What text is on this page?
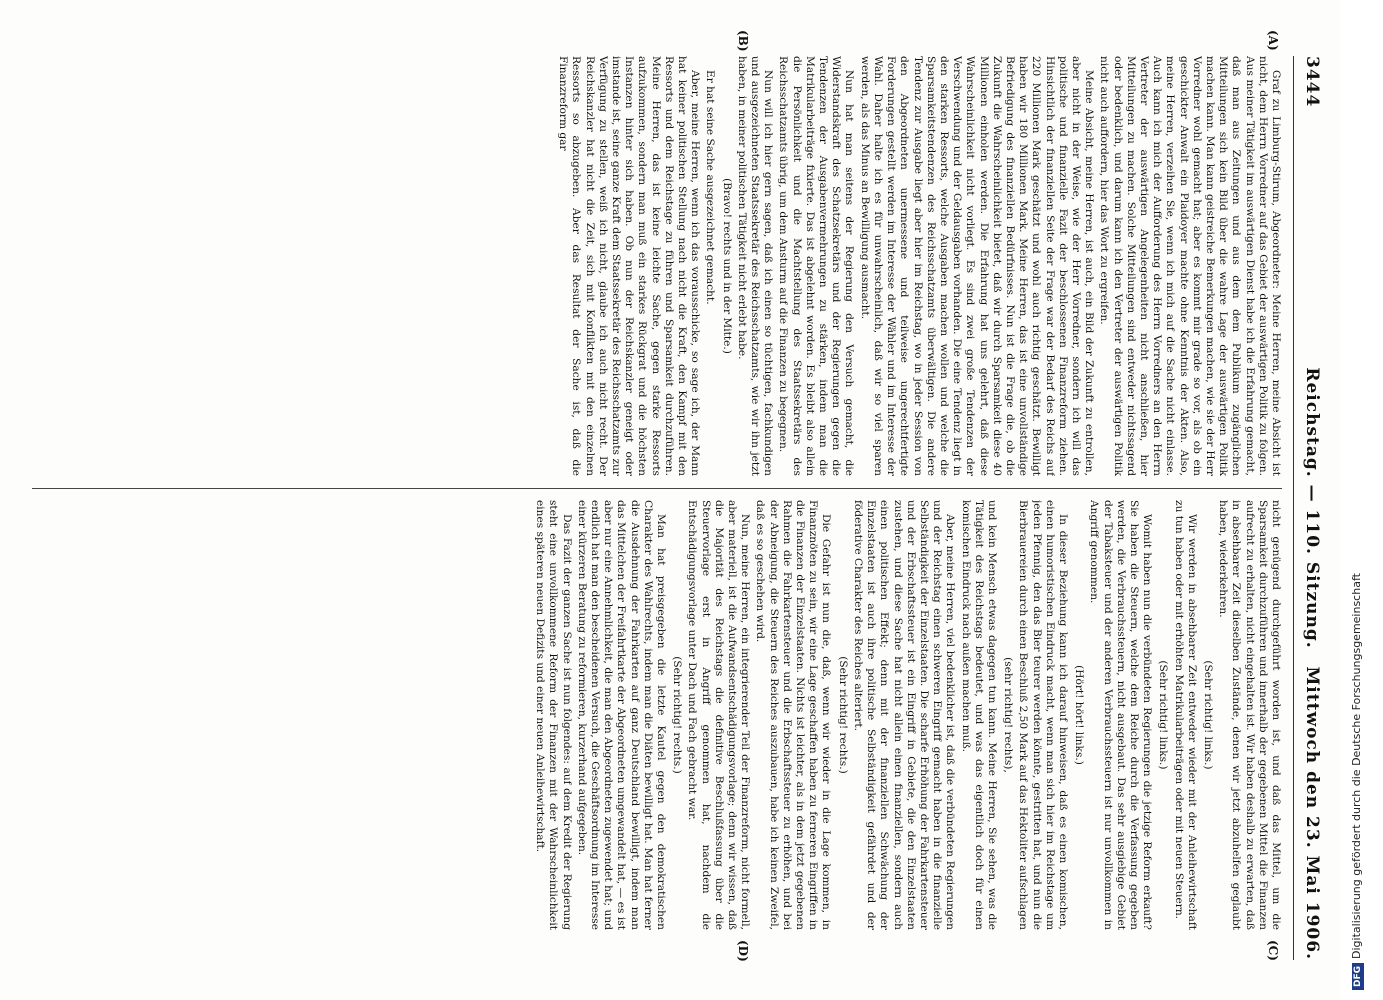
3444
Reichstag. — 110. Sitzung.
Mittwoch den 23. Mai 1906.
(A)
(B)
(C)
(D)

Graf zu Limburg-Stirum, Abgeordneter: Meine Herren, meine Absicht ist nicht, dem Herrn Vorredner auf das Gebiet der auswärtigen Politik zu folgen. Aus meiner Tätigkeit im auswärtigen Dienst habe ich die Erfahrung gemacht, daß man aus Zeitungen und aus dem dem Publikum zugänglichen Mitteilungen sich kein Bild über die wahre Lage der auswärtigen Politik machen kann. Man kann geistreiche Bemerkungen machen, wie sie der Herr Vorredner wohl gemacht hat; aber es kommt mir grade so vor, als ob ein geschickter Anwalt ein Plaidoyer machte ohne Kenntnis der Akten. Also, meine Herren, verzeihen Sie, wenn ich mich auf die Sache nicht einlasse. Auch kann ich mich der Aufforderung des Herrn Vorredners an den Herrn Vertreter der auswärtigen Angelegenheiten nicht anschließen, hier Mitteilungen zu machen. Solche Mitteilungen sind entweder nichtssagend oder bedenklich, und darum kann ich den Vertreter der auswärtigen Politik nicht auch auffordern, hier das Wort zu ergreifen.

Meine Absicht, meine Herren, ist auch, ein Bild der Zukunft zu entrollen, aber nicht in der Weise, wie der Herr Vorredner, sondern ich will das politische und finanzielle Fazit der beschlossenen Finanzreform ziehen. Hinsichtlich der finanziellen Seite der Frage war der Bedarf des Reichs auf 220 Millionen Mark geschätzt und wohl auch richtig geschätzt. Bewilligt haben wir 180 Millionen Mark. Meine Herren, das ist eine unvollständige Befriedigung des finanziellen Bedürfnisses. Nun ist die Frage die, ob die Zukunft die Wahrscheinlichkeit bietet, daß wir durch Sparsamkeit diese 40 Millionen einholen werden. Die Erfahrung hat uns gelehrt, daß diese Wahrscheinlichkeit nicht vorliegt. Es sind zwei große Tendenzen der Verschwendung und der Geldausgaben vorhanden. Die eine Tendenz liegt in den starken Ressorts, welche Ausgaben machen wollen und welche die Sparsamkeitstendenzen des Reichsschatzamts überwältigen. Die andere Tendenz zur Ausgabe liegt aber hier im Reichstag, wo in jeder Session von den Abgeordneten unermessene und teilweise ungerechtfertigte Forderungen gestellt werden im Interesse der Wähler und im Interesse der Wahl. Daher halte ich es für unwahrscheinlich, daß wir so viel sparen werden, als das Minus an Bewilligung ausmacht.

Nun hat man seitens der Regierung den Versuch gemacht, die Widerstandskraft des Schatzsekretärs und der Regierungen gegen die Tendenzen der Ausgabenvermehrungen zu stärken, indem man die Matrikularbeiträge fixierte. Das ist abgelehnt worden. Es bleibt also allein die Persönlichkeit und die Machtstellung des Staatssekretärs des Reichsschatzamts übrig, um dem Ansturm auf die Finanzen zu begegnen.

Nun will ich hier gern sagen, daß ich einen so tüchtigen, fachkundigen und ausgezeichneten Staatssekretär des Reichsschatzamts, wie wir ihn jetzt haben, in meiner politischen Tätigkeit nicht erlebt habe.

(Bravo! rechts und in der Mitte.)

Er hat seine Sache ausgezeichnet gemacht.

Aber, meine Herren, wenn ich das vorausschicke, so sage ich, der Mann hat keiner politischen Stellung nach nicht die Kraft, den Kampf mit den Ressorts und dem Reichstage zu führen und Sparsamkeit durchzuführen. Meine Herren, das ist keine leichte Sache, gegen starke Ressorts aufzukommen, sondern man muß ein starkes Rückgrat und die höchsten Instanzen hinter sich haben. Ob nun der Reichskanzler geneigt oder imstande ist, seine ganze Kraft dem Staatssekretär des Reichsschatzamts zur Verfügung zu stellen, weiß ich nicht, glaube ich auch nicht recht. Der Reichskanzler hat nicht die Zeit, sich mit Konflikten mit den einzelnen Ressorts so abzugeben. Aber das Resultat der Sache ist, daß die Finanzreform gar

nicht genügend durchgeführt worden ist, und daß das Mittel, um die Sparsamkeit durchzuführen und innerhalb der gegebenen Mittel die Finanzen aufrecht zu erhalten, nicht eingehalten ist. Wir haben deshalb zu erwarten, daß in absehbarer Zeit dieselben Zustände, denen wir jetzt abzuhelfen geglaubt haben, wiederkehren.

(Sehr richtig! links.)

Wir werden in absehbarer Zeit entweder wieder mit der Anleihewirtschaft zu tun haben oder mit erhöhten Matrikularbeiträgen oder mit neuen Steuern.

(Sehr richtig! links.)

Womit haben nun die verbündeten Regierungen die jetzige Reform erkauft? Sie haben die Steuern, welche dem Reiche durch die Verfassung gegeben werden, die Verbrauchssteuern, nicht ausgebaut. Das sehr ausgiebige Gebiet der Tabaksteuer und der anderen Verbrauchssteuern ist nur unvollkommen in Angriff genommen.

(Hört! hört! links.)

In dieser Beziehung kann ich darauf hinweisen, daß es einen komischen, einen humoristischen Eindruck macht, wenn man sich hier im Reichstage um jeden Pfennig, den das Bier teurer werden könnte, gestritten hat, und nun die Bierbrauereien durch einen Beschluß 2,50 Mark auf das Hektoliter aufschlagen

(sehr richtig! rechts),

und kein Mensch etwas dagegen tun kann. Meine Herren, Sie sehen, was die Tätigkeit des Reichstags bedeutet, und was das eigentlich doch für einen komischen Eindruck nach außen machen muß.

Aber, meine Herren, viel bedenklicher ist, daß die verbündeten Regierungen und der Reichstag einen schweren Eingriff gemacht haben in die finanzielle Selbständigkeit der Einzelstaaten. Die scharfe Erhöhung der Fahrkartensteuer und der Erbschaftssteuer ist ein Eingriff in Gebiete, die den Einzelstaaten zustehen, und diese Sache hat nicht allein einen finanziellen, sondern auch einen politischen Effekt; denn mit der finanziellen Schwächung der Einzelstaaten ist auch ihre politische Selbständigkeit gefährdet und der föderative Charakter des Reiches alteriert.

(Sehr richtig! rechts.)

Die Gefahr ist nun die, daß, wenn wir wieder in die Lage kommen, in Finanznöten zu sein, wir eine Lage geschaffen haben zu ferneren Eingriffen in die Finanzen der Einzelstaaten. Nichts ist leichter, als in dem jetzt gegebenen Rahmen die Fahrkartensteuer und die Erbschaftssteuer zu erhöhen, und bei der Abneigung, die Steuern des Reiches auszubauen, habe ich keinen Zweifel, daß es so geschehen wird.

Nun, meine Herren, ein integrierender Teil der Finanzreform, nicht formell, aber materiell, ist die Aufwandsentschädigungsvorlage; denn wir wissen, daß die Majorität des Reichstags die definitive Beschlußfassung über die Steuervorlage erst in Angriff genommen hat, nachdem die Entschädigungsvorlage unter Dach und Fach gebracht war.

(Sehr richtig! rechts.)

Man hat preisgegeben die letzte Kautel gegen den demokratischen Charakter des Wahlrechts, indem man die Diäten bewilligt hat. Man hat ferner die Ausdehnung der Fahrkarten auf ganz Deutschland bewilligt, indem man das Mittelchen der Freifahrtkarte der Abgeordneten umgewandelt hat, — es ist aber nur eine Annehmlichkeit, die man den Abgeordneten zugewendet hat; und endlich hat man den bescheidenen Versuch, die Geschäftsordnung im Interesse einer kürzeren Beratung zu reformieren, kurzerhand aufgegeben.

Das Fazit der ganzen Sache ist nun folgendes: auf dem Kredit der Regierung steht eine unvollkommene Reform der Finanzen mit der Wahrscheinlichkeit eines späteren neuen Defizits und einer neuen Anleihewirtschaft.

DFGDigitalisierung gefördert durch die Deutsche Forschungsgemeinschaft
